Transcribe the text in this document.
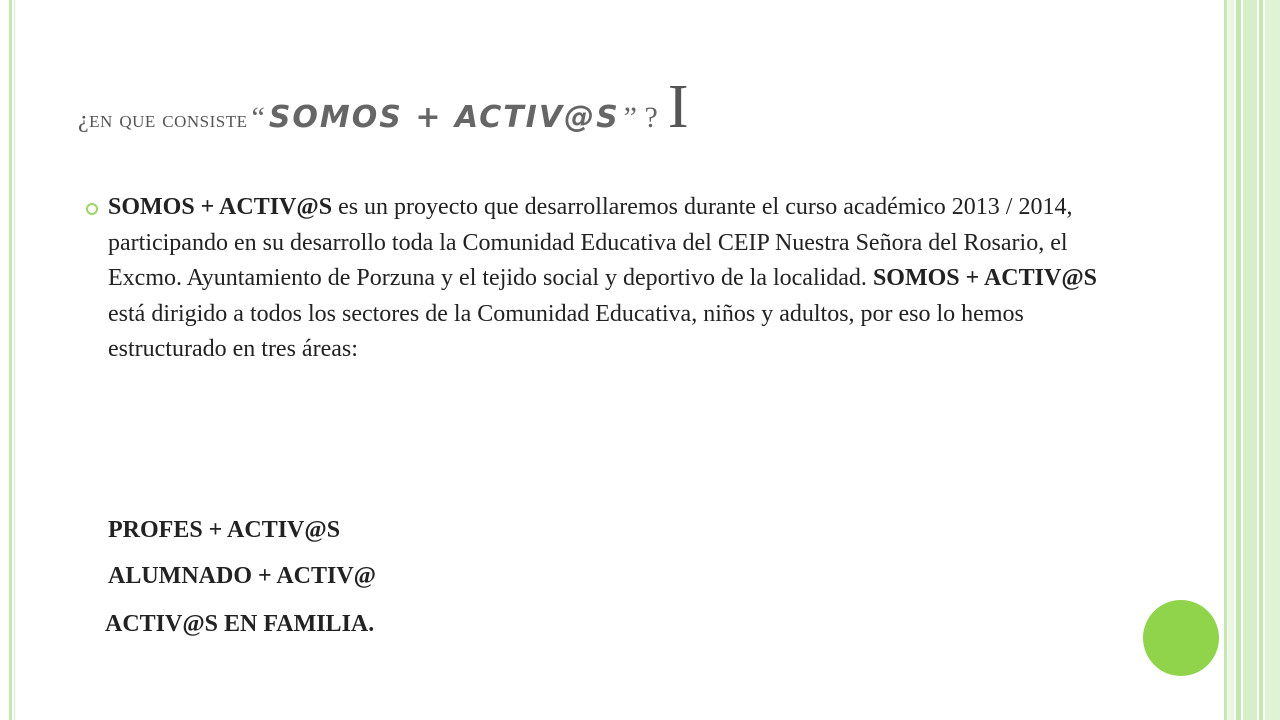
¿en que consiste “ SOMOS + ACTIV@S ” ? I
SOMOS + ACTIV@S es un proyecto que desarrollaremos durante el curso académico 2013 / 2014, participando en su desarrollo toda la Comunidad Educativa del CEIP Nuestra Señora del Rosario, el Excmo. Ayuntamiento de Porzuna y el tejido social y deportivo de la localidad. SOMOS + ACTIV@S está dirigido a todos los sectores de la Comunidad Educativa, niños y adultos, por eso lo hemos estructurado en tres áreas:
PROFES + ACTIV@S
ALUMNADO + ACTIV@
ACTIV@S EN FAMILIA.
